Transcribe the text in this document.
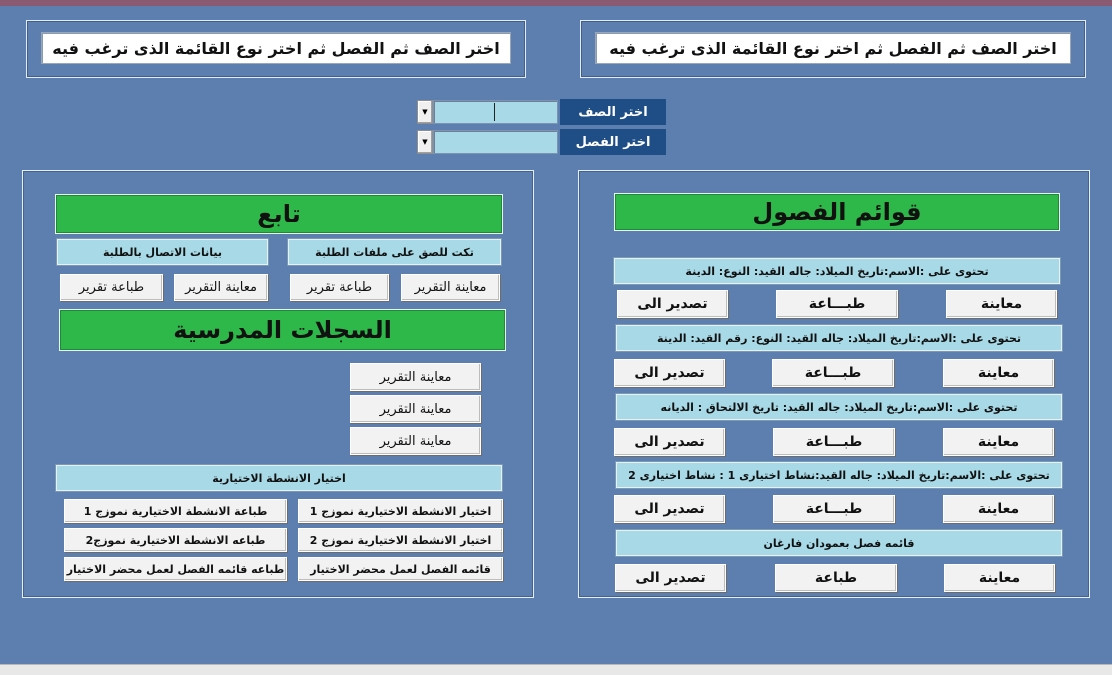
اختر الصف ثم الفصل ثم اختر نوع القائمة الذى ترغب فيه	اختر الصف ثم الفصل ثم اختر نوع القائمة الذى ترغب فيه
▼	اختر الصف
▼	اختر الفصل
قوائم الفصول
تحتوى على :الاسم:تاريخ الميلاد: جاله القيد: النوع: الدينة
تصدير الى	طبـــاعة	معاينة
تحتوى على :الاسم:تاريخ الميلاد: جاله القيد: النوع: رقم القيد: الدينة
تصدير الى	طبـــاعة	معاينة
تحتوى على :الاسم:تاريخ الميلاد: جاله القيد: تاريخ الالتحاق : الديانه
تصدير الى	طبـــاعة	معاينة
تحتوى على :الاسم:تاريخ الميلاد: جاله القيد:نشاط اختيارى 1 : نشاط اختيارى 2
تصدير الى	طبـــاعة	معاينة
قائمه فصل بعمودان فارغان
تصدير الى	طباعة	معاينة
تابع
تكت للصق على ملفات الطلبة
بيانات الاتصال بالطلبة
معاينة التقرير
طباعة تقرير
معاينة التقرير
طباعة تقرير
السجلات المدرسية
معاينة التقرير
معاينة التقرير
معاينة التقرير
اختيار الانشطة الاختيارية
اختيار الانشطة الاختيارية نموزج 1
طباعة الانشطة الاختيارية نموزج 1
اختيار الانشطة الاختيارية نموزج 2
طباعه الانشطة الاختيارية نموزج2
قائمه الفصل لعمل محضر الاختيار
طباعه قائمه الفصل لعمل محضر الاختيار
